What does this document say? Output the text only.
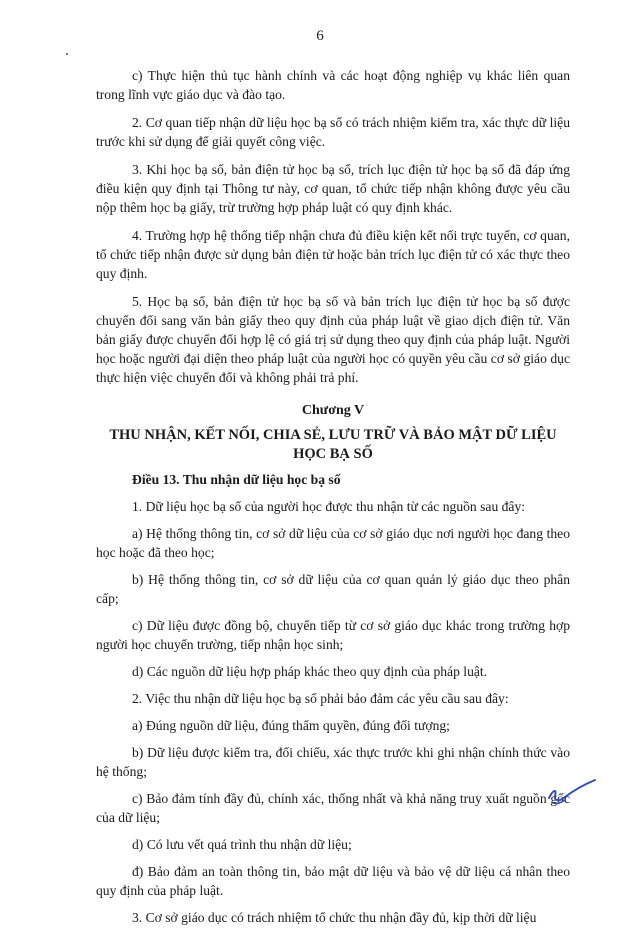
6

c) Thực hiện thủ tục hành chính và các hoạt động nghiệp vụ khác liên quan trong lĩnh vực giáo dục và đào tạo.

2. Cơ quan tiếp nhận dữ liệu học bạ số có trách nhiệm kiểm tra, xác thực dữ liệu trước khi sử dụng để giải quyết công việc.

3. Khi học bạ số, bản điện tử học bạ số, trích lục điện tử học bạ số đã đáp ứng điều kiện quy định tại Thông tư này, cơ quan, tổ chức tiếp nhận không được yêu cầu nộp thêm học bạ giấy, trừ trường hợp pháp luật có quy định khác.

4. Trường hợp hệ thống tiếp nhận chưa đủ điều kiện kết nối trực tuyến, cơ quan, tổ chức tiếp nhận được sử dụng bản điện tử hoặc bản trích lục điện tử có xác thực theo quy định.

5. Học bạ số, bản điện tử học bạ số và bản trích lục điện tử học bạ số được chuyển đổi sang văn bản giấy theo quy định của pháp luật về giao dịch điện tử. Văn bản giấy được chuyển đổi hợp lệ có giá trị sử dụng theo quy định của pháp luật. Người học hoặc người đại diện theo pháp luật của người học có quyền yêu cầu cơ sở giáo dục thực hiện việc chuyển đổi và không phải trả phí.

Chương V
THU NHẬN, KẾT NỐI, CHIA SẺ, LƯU TRỮ VÀ BẢO MẬT DỮ LIỆU HỌC BẠ SỐ

Điều 13. Thu nhận dữ liệu học bạ số

1. Dữ liệu học bạ số của người học được thu nhận từ các nguồn sau đây:

a) Hệ thống thông tin, cơ sở dữ liệu của cơ sở giáo dục nơi người học đang theo học hoặc đã theo học;

b) Hệ thống thông tin, cơ sở dữ liệu của cơ quan quản lý giáo dục theo phân cấp;

c) Dữ liệu được đồng bộ, chuyển tiếp từ cơ sở giáo dục khác trong trường hợp người học chuyển trường, tiếp nhận học sinh;

d) Các nguồn dữ liệu hợp pháp khác theo quy định của pháp luật.

2. Việc thu nhận dữ liệu học bạ số phải bảo đảm các yêu cầu sau đây:

a) Đúng nguồn dữ liệu, đúng thẩm quyền, đúng đối tượng;

b) Dữ liệu được kiểm tra, đối chiếu, xác thực trước khi ghi nhận chính thức vào hệ thống;

c) Bảo đảm tính đầy đủ, chính xác, thống nhất và khả năng truy xuất nguồn gốc của dữ liệu;

d) Có lưu vết quá trình thu nhận dữ liệu;

đ) Bảo đảm an toàn thông tin, bảo mật dữ liệu và bảo vệ dữ liệu cá nhân theo quy định của pháp luật.

3. Cơ sở giáo dục có trách nhiệm tổ chức thu nhận đầy đủ, kịp thời dữ liệu
